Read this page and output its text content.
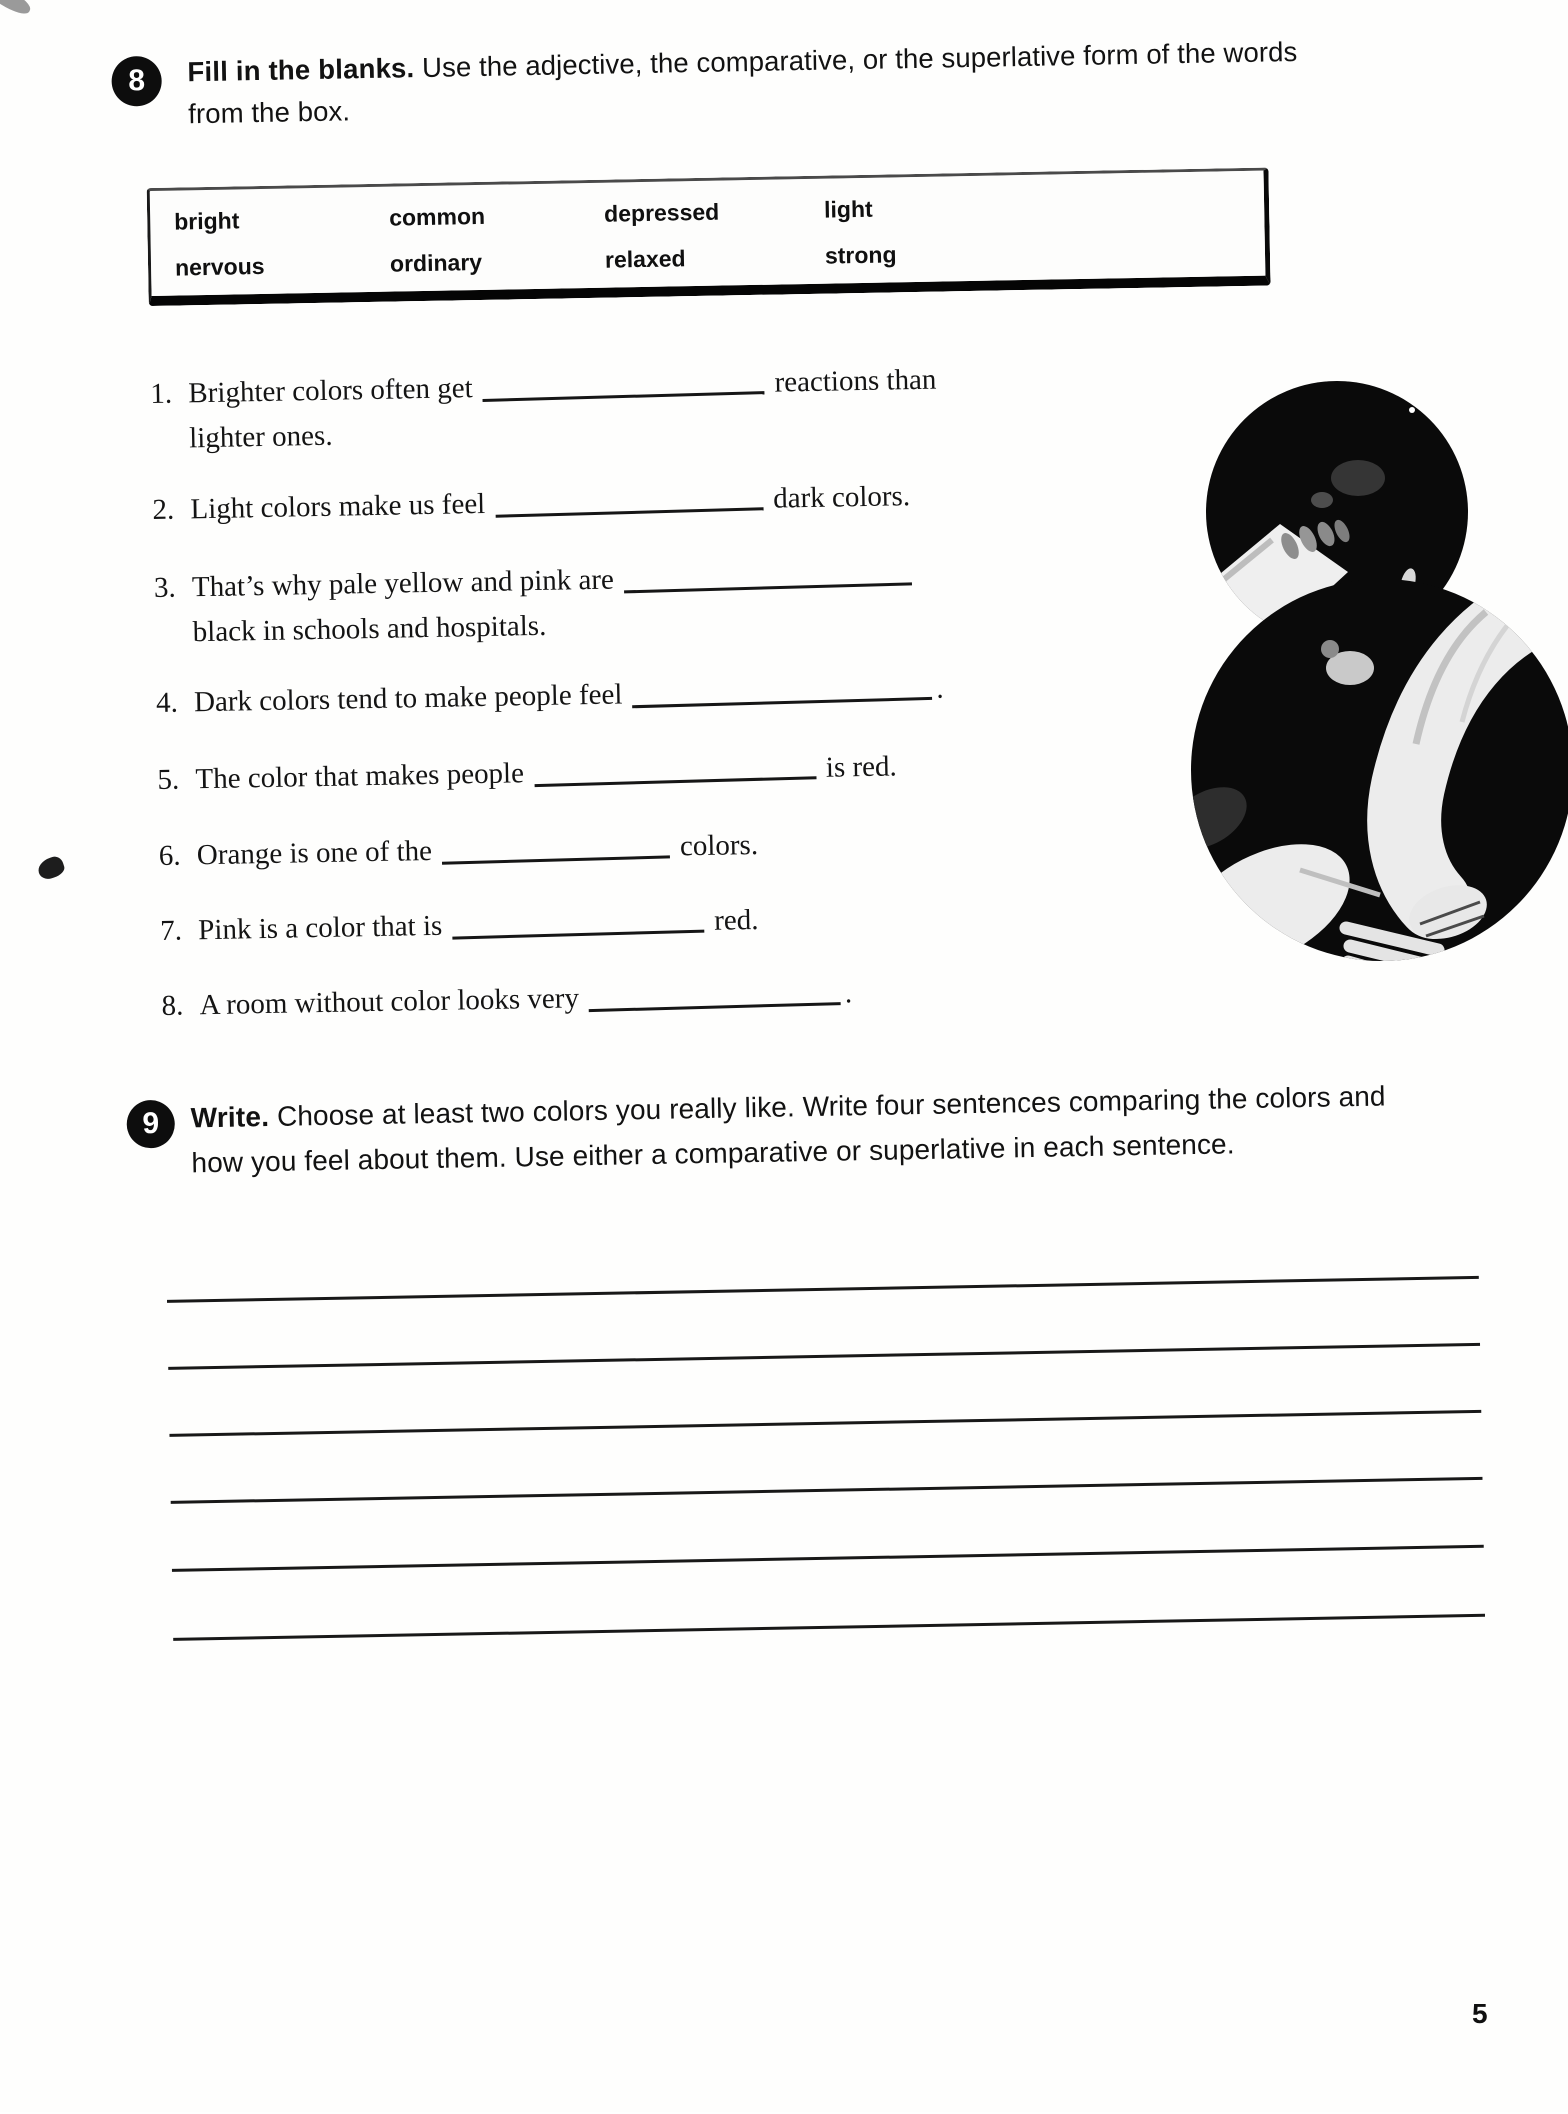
8 Fill in the blanks. Use the adjective, the comparative, or the superlative form of the words from the box.
bright	common	depressed	light
nervous	ordinary	relaxed	strong
1. Brighter colors often get	reactions than
lighter ones.
2. Light colors make us feel	dark colors.
3. That’s why pale yellow and pink are
black in schools and hospitals.
4. Dark colors tend to make people feel	.
5. The color that makes people	is red.
6. Orange is one of the	colors.
7. Pink is a color that is	red.
8. A room without color looks very	.
9 Write. Choose at least two colors you really like. Write four sentences comparing the colors and how you feel about them. Use either a comparative or superlative in each sentence.
5
